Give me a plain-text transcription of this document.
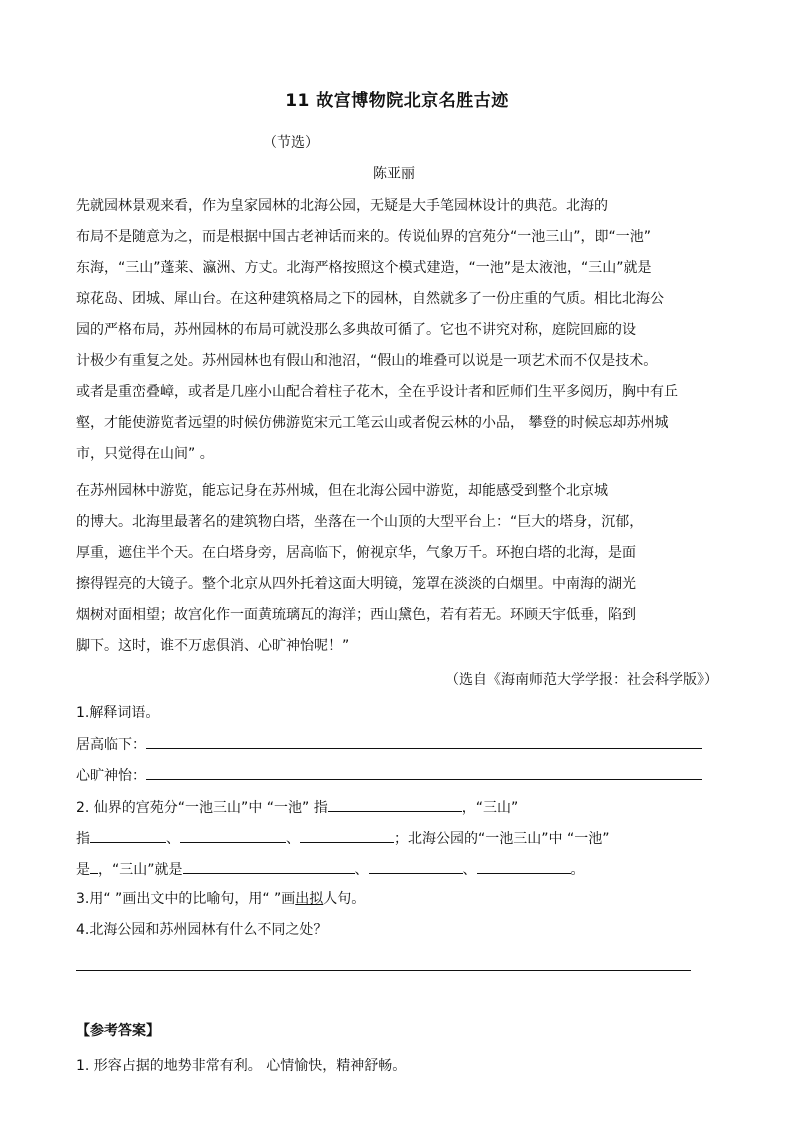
11 故宫博物院北京名胜古迹
（节选）
陈亚丽
先就园林景观来看，作为皇家园林的北海公园，无疑是大手笔园林设计的典范。北海的
布局不是随意为之，而是根据中国古老神话而来的。传说仙界的宫苑分“一池三山”，即“一池”
东海，“三山”蓬莱、瀛洲、方丈。北海严格按照这个模式建造，“一池”是太液池，“三山”就是
琼花岛、团城、犀山台。在这种建筑格局之下的园林，自然就多了一份庄重的气质。相比北海公
园的严格布局，苏州园林的布局可就没那么多典故可循了。它也不讲究对称，庭院回廊的设
计极少有重复之处。苏州园林也有假山和池沼，“假山的堆叠可以说是一项艺术而不仅是技术。
或者是重峦叠嶂，或者是几座小山配合着柱子花木，全在乎设计者和匠师们生平多阅历，胸中有丘
壑，才能使游览者远望的时候仿佛游览宋元工笔云山或者倪云林的小品， 攀登的时候忘却苏州城
市，只觉得在山间” 。
在苏州园林中游览，能忘记身在苏州城，但在北海公园中游览，却能感受到整个北京城
的博大。北海里最著名的建筑物白塔，坐落在一个山顶的大型平台上：“巨大的塔身，沉郁，
厚重，遮住半个天。在白塔身旁，居高临下，俯视京华，气象万千。环抱白塔的北海，是面
擦得锃亮的大镜子。整个北京从四外托着这面大明镜，笼罩在淡淡的白烟里。中南海的湖光
烟树对面相望；故宫化作一面黄琉璃瓦的海洋；西山黛色，若有若无。环顾天宇低垂，陷到
脚下。这时，谁不万虑俱消、心旷神怡呢！”
（选自《海南师范大学学报：社会科学版》）
1.解释词语。
居高临下：
心旷神怡：
2. 仙界的宫苑分“一池三山”中 “一池” 指	，“三山”
指	、	、	；北海公园的“一池三山”中 “一池”
是 ，“三山”就是	、	、	。
3.用“ ”画出文中的比喻句，用“ ”画出拟人句。
4.北海公园和苏州园林有什么不同之处？
【参考答案】
1. 形容占据的地势非常有利。 心情愉快，精神舒畅。
